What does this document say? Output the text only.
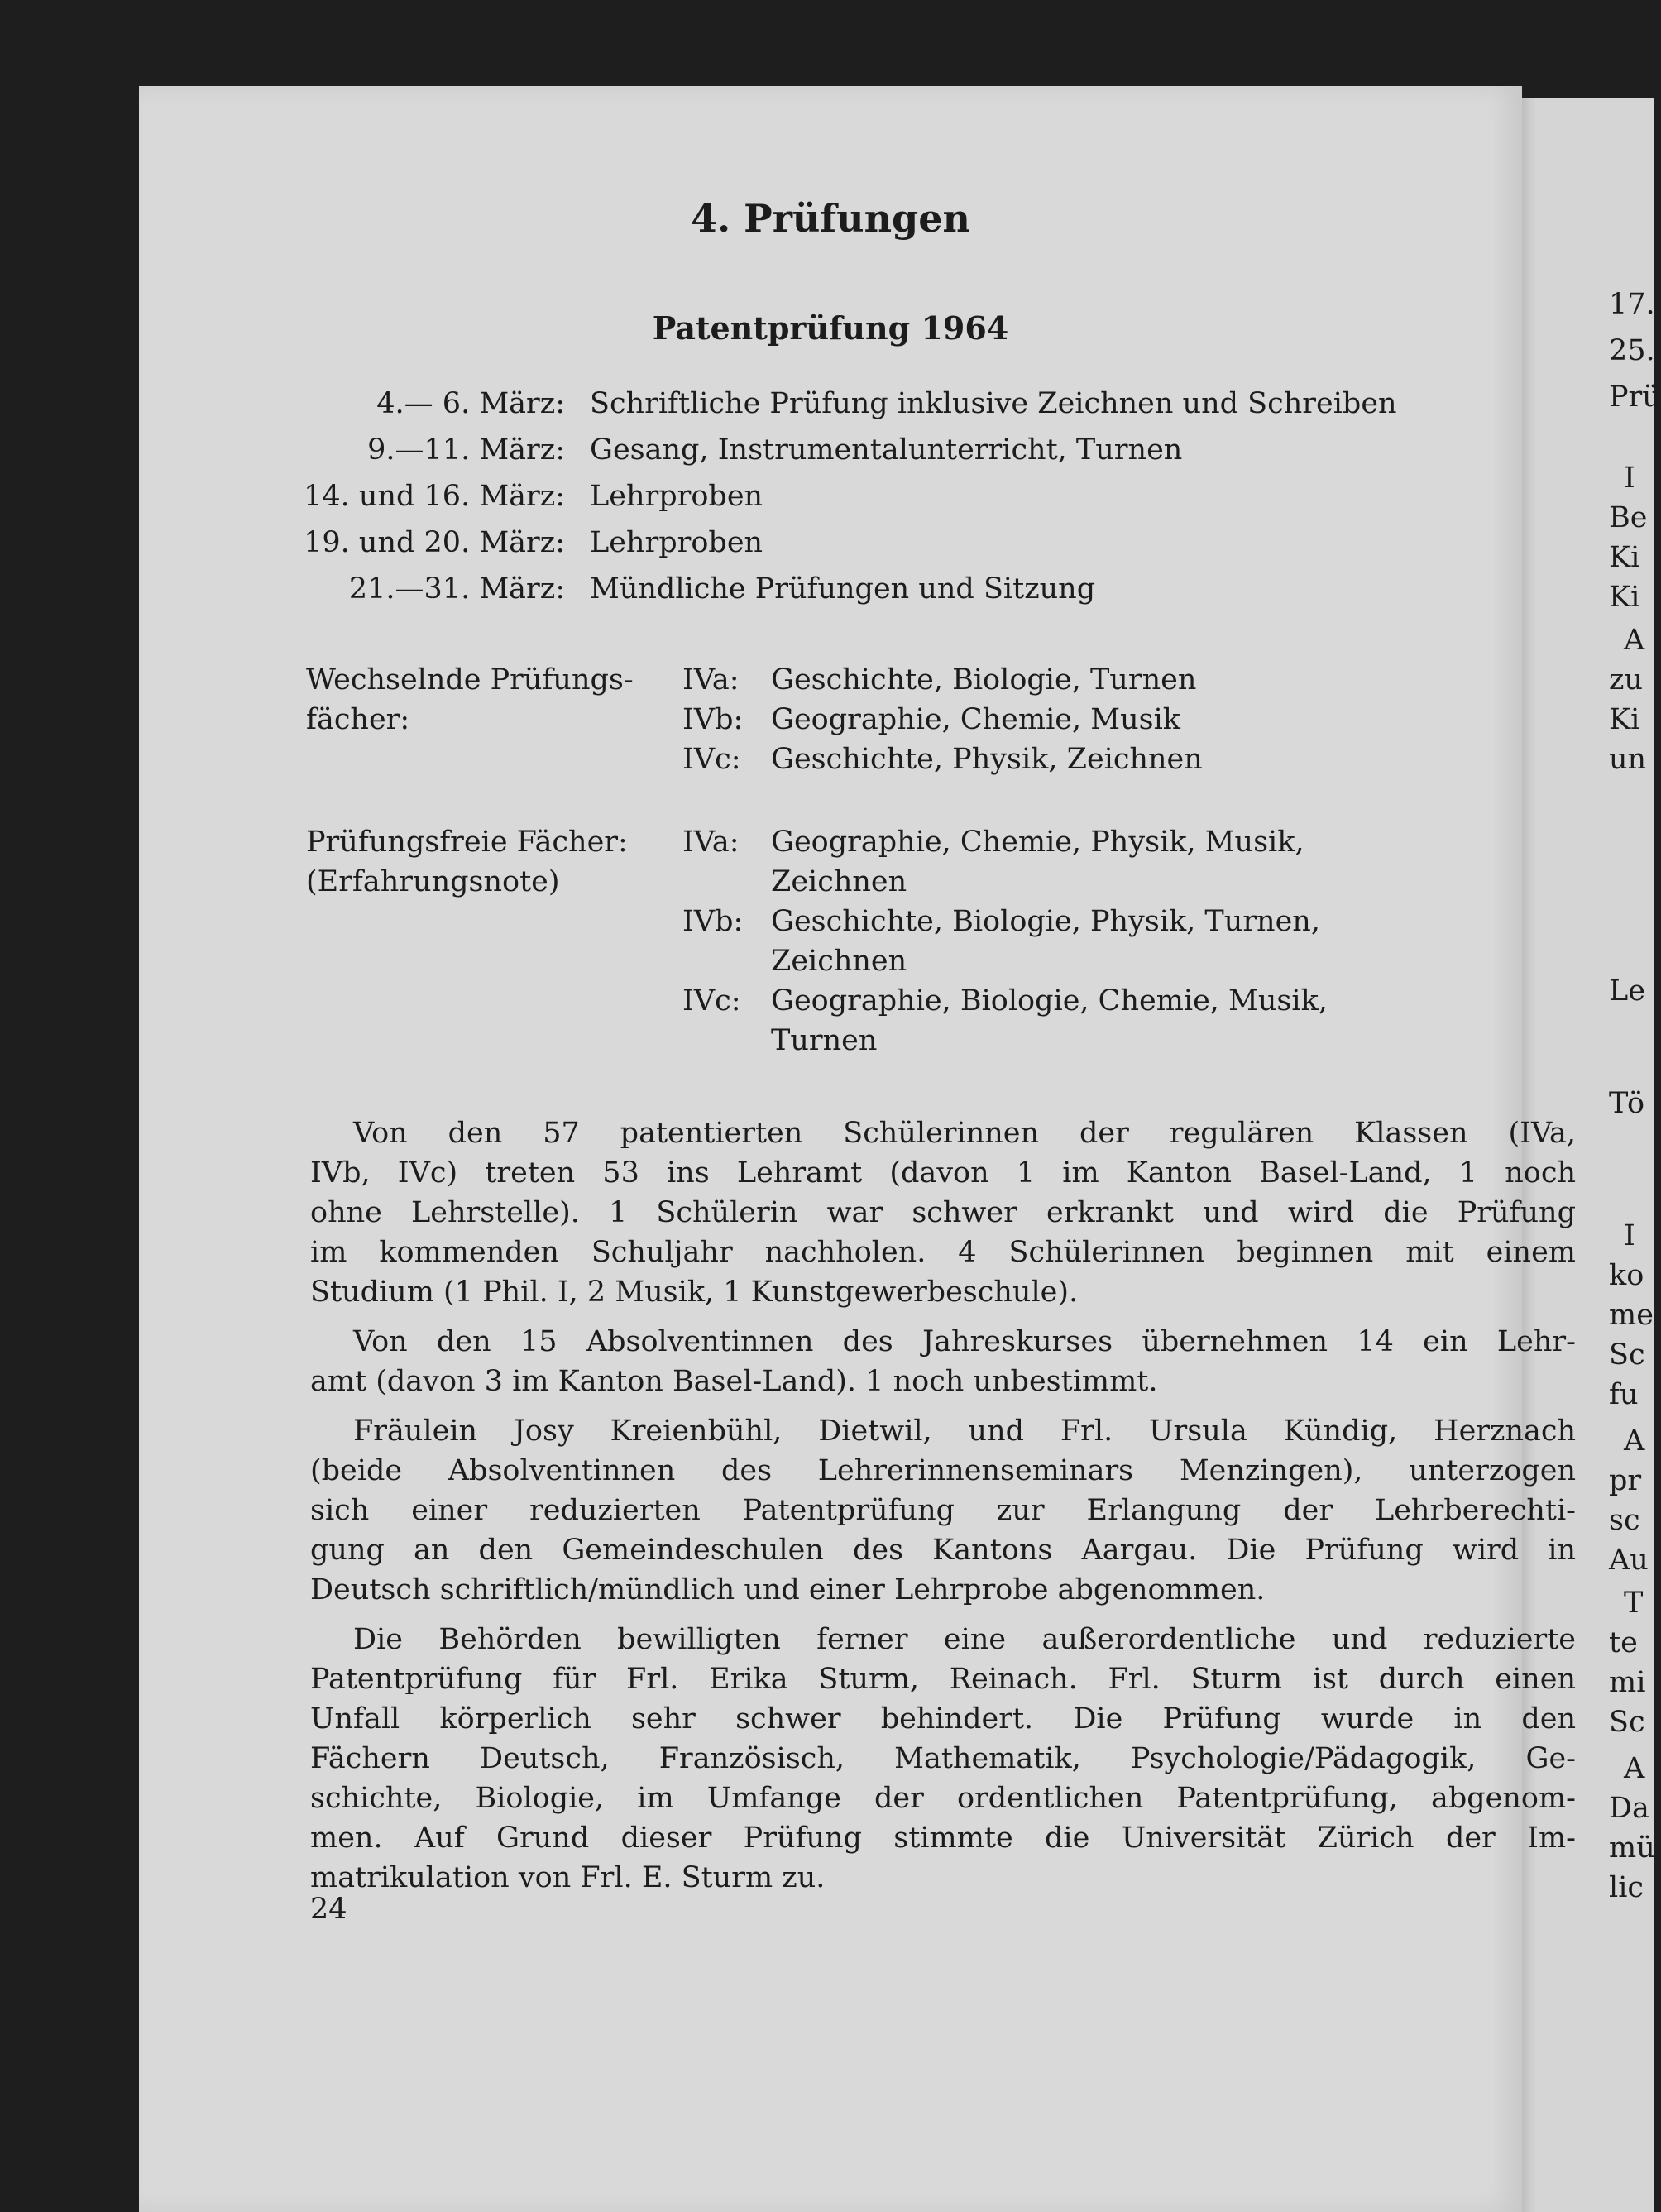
17.
25.
Prü
I
Be
Ki
Ki
A
zu
Ki
un
Le
Tö
I
ko
me
Sc
fu
A
pr
sc
Au
T
te
mi
Sc
A
Da
mü
lic
4. Prüfungen
Patentprüfung 1964
4.— 6. März: Schriftliche Prüfung inklusive Zeichnen und Schreiben
9.—11. März: Gesang, Instrumentalunterricht, Turnen
14. und 16. März: Lehrproben
19. und 20. März: Lehrproben
21.—31. März: Mündliche Prüfungen und Sitzung
Wechselnde Prüfungs-
fächer:
IVa: Geschichte, Biologie, Turnen
IVb: Geographie, Chemie, Musik
IVc: Geschichte, Physik, Zeichnen
Prüfungsfreie Fächer:
(Erfahrungsnote)
IVa: Geographie, Chemie, Physik, Musik,
Zeichnen
IVb: Geschichte, Biologie, Physik, Turnen,
Zeichnen
IVc: Geographie, Biologie, Chemie, Musik,
Turnen
Von den 57 patentierten Schülerinnen der regulären Klassen (IVa,
IVb, IVc) treten 53 ins Lehramt (davon 1 im Kanton Basel-Land, 1 noch
ohne Lehrstelle). 1 Schülerin war schwer erkrankt und wird die Prüfung
im kommenden Schuljahr nachholen. 4 Schülerinnen beginnen mit einem
Studium (1 Phil. I, 2 Musik, 1 Kunstgewerbeschule).
Von den 15 Absolventinnen des Jahreskurses übernehmen 14 ein Lehr-
amt (davon 3 im Kanton Basel-Land). 1 noch unbestimmt.
Fräulein Josy Kreienbühl, Dietwil, und Frl. Ursula Kündig, Herznach
(beide Absolventinnen des Lehrerinnenseminars Menzingen), unterzogen
sich einer reduzierten Patentprüfung zur Erlangung der Lehrberechti-
gung an den Gemeindeschulen des Kantons Aargau. Die Prüfung wird in
Deutsch schriftlich/mündlich und einer Lehrprobe abgenommen.
Die Behörden bewilligten ferner eine außerordentliche und reduzierte
Patentprüfung für Frl. Erika Sturm, Reinach. Frl. Sturm ist durch einen
Unfall körperlich sehr schwer behindert. Die Prüfung wurde in den
Fächern Deutsch, Französisch, Mathematik, Psychologie/Pädagogik, Ge-
schichte, Biologie, im Umfange der ordentlichen Patentprüfung, abgenom-
men. Auf Grund dieser Prüfung stimmte die Universität Zürich der Im-
matrikulation von Frl. E. Sturm zu.
24
